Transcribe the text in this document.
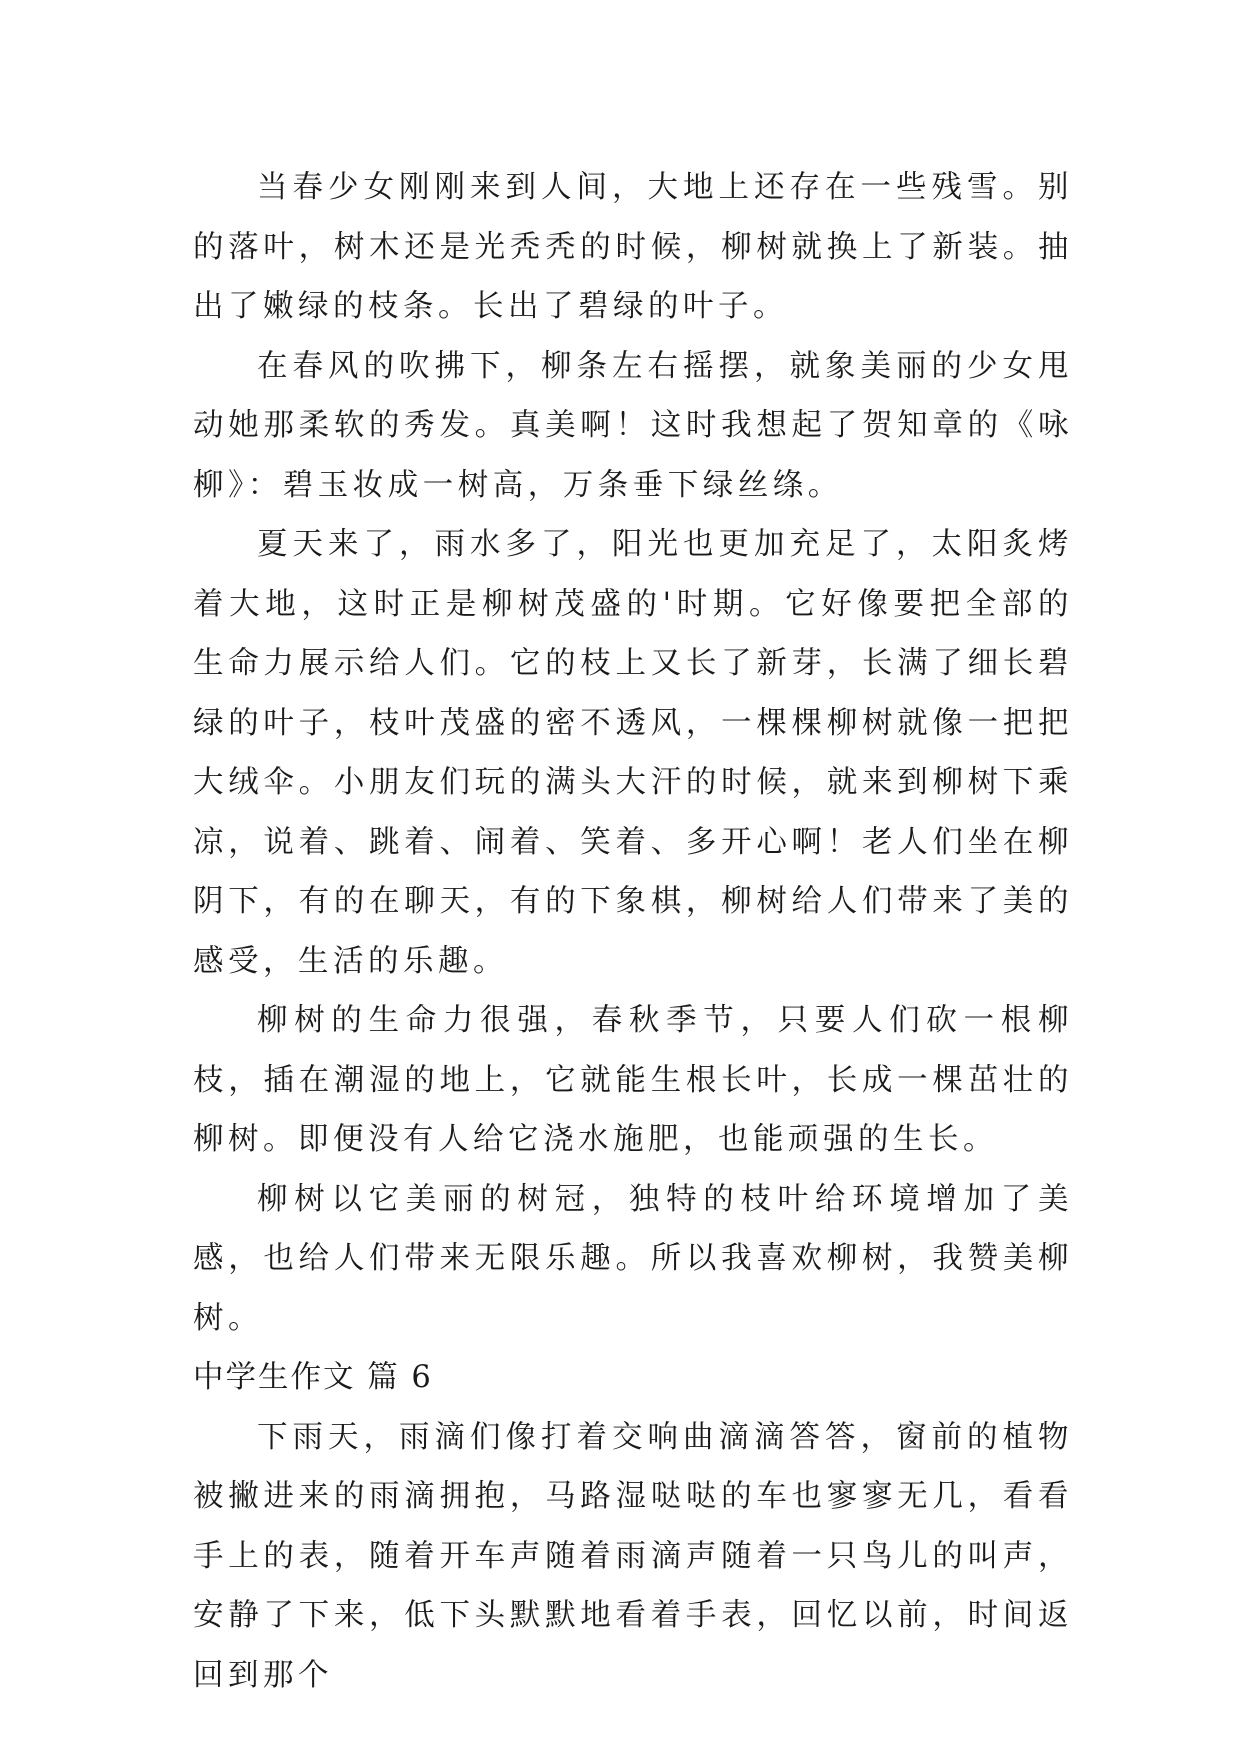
当春少女刚刚来到人间，大地上还存在一些残雪。别的落叶，树木还是光秃秃的时候，柳树就换上了新装。抽出了嫩绿的枝条。长出了碧绿的叶子。

在春风的吹拂下，柳条左右摇摆，就象美丽的少女甩动她那柔软的秀发。真美啊！这时我想起了贺知章的《咏柳》：碧玉妆成一树高，万条垂下绿丝绦。

夏天来了，雨水多了，阳光也更加充足了，太阳炙烤着大地，这时正是柳树茂盛的'时期。它好像要把全部的生命力展示给人们。它的枝上又长了新芽，长满了细长碧绿的叶子，枝叶茂盛的密不透风，一棵棵柳树就像一把把大绒伞。小朋友们玩的满头大汗的时候，就来到柳树下乘凉，说着、跳着、闹着、笑着、多开心啊！老人们坐在柳阴下，有的在聊天，有的下象棋，柳树给人们带来了美的感受，生活的乐趣。

柳树的生命力很强，春秋季节，只要人们砍一根柳枝，插在潮湿的地上，它就能生根长叶，长成一棵茁壮的柳树。即便没有人给它浇水施肥，也能顽强的生长。

柳树以它美丽的树冠，独特的枝叶给环境增加了美感，也给人们带来无限乐趣。所以我喜欢柳树，我赞美柳树。

中学生作文 篇 6

下雨天，雨滴们像打着交响曲滴滴答答，窗前的植物被撇进来的雨滴拥抱，马路湿哒哒的车也寥寥无几，看看手上的表，随着开车声随着雨滴声随着一只鸟儿的叫声，安静了下来，低下头默默地看着手表，回忆以前，时间返回到那个
